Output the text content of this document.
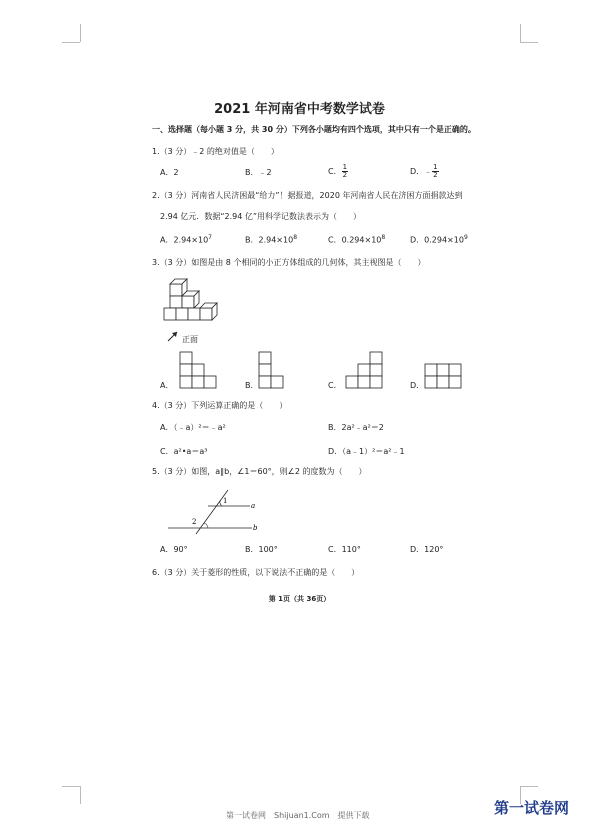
2021 年河南省中考数学试卷
一、选择题（每小题 3 分，共 30 分）下列各小题均有四个选项，其中只有一个是正确的。
1.（3 分）﹣2 的绝对值是（　　）
A．2	B．﹣2	C． $\frac{1}{2}$	D．﹣ $\frac{1}{2}$
2.（3 分）河南省人民济困最“给力”！据报道，2020 年河南省人民在济困方面捐款达到
2.94 亿元．数据“2.94 亿”用科学记数法表示为（　　）
A．$2.94\times 10^7$	B．$2.94\times 10^8$	C．$0.294\times 10^8$	D．$0.294\times 10^9$
3.（3 分）如图是由 8 个相同的小正方体组成的几何体，其主视图是（　　）
正面
A．	B．	C．	D．
4.（3 分）下列运算正确的是（　　）
A．（﹣a）²＝﹣a²	B．2a²﹣a²＝2
C．a²•a＝a³	D．（a﹣1）²＝a²﹣1
5.（3 分）如图，a∥b，∠1＝60°，则∠2 的度数为（　　）
1
2
a
b
A．90°	B．100°	C．110°	D．120°
6.（3 分）关于菱形的性质，以下说法不正确的是（　　）
第 1页（共 36页）
第一试卷网　Shijuan1.Com　提供下载	第一试卷网
